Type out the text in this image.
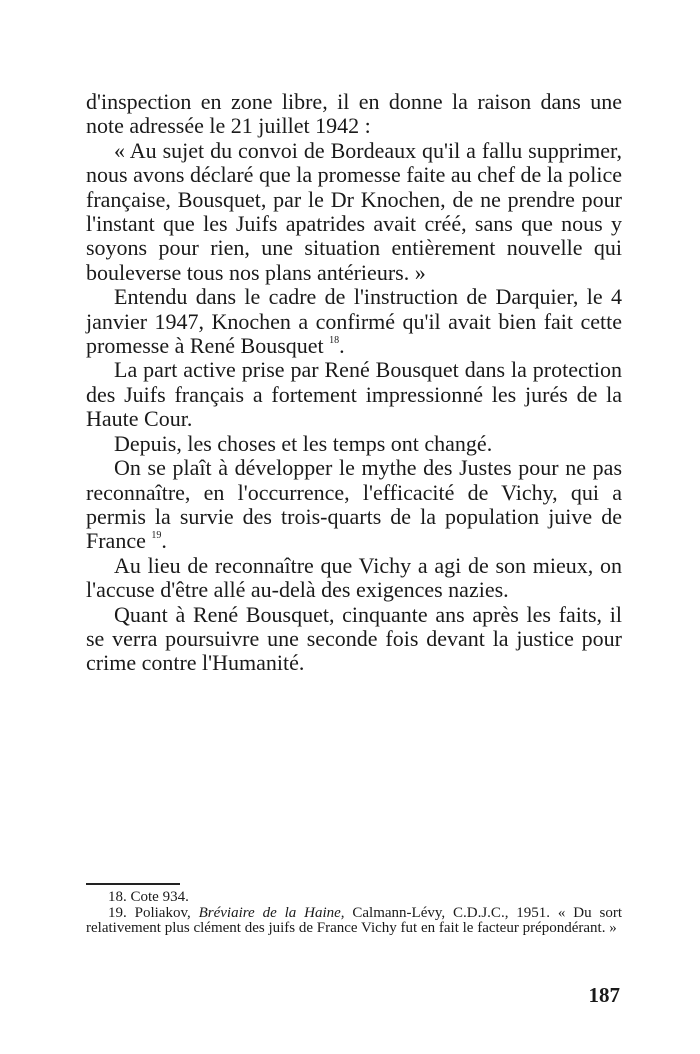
d'inspection en zone libre, il en donne la raison dans une note adressée le 21 juillet 1942 :

« Au sujet du convoi de Bordeaux qu'il a fallu supprimer, nous avons déclaré que la promesse faite au chef de la police française, Bousquet, par le Dr Knochen, de ne prendre pour l'instant que les Juifs apatrides avait créé, sans que nous y soyons pour rien, une situation entièrement nouvelle qui bouleverse tous nos plans antérieurs. »

Entendu dans le cadre de l'instruction de Darquier, le 4 janvier 1947, Knochen a confirmé qu'il avait bien fait cette promesse à René Bousquet $^{18}$.

La part active prise par René Bousquet dans la protection des Juifs français a fortement impressionné les jurés de la Haute Cour.

Depuis, les choses et les temps ont changé.

On se plaît à développer le mythe des Justes pour ne pas reconnaître, en l'occurrence, l'efficacité de Vichy, qui a permis la survie des trois-quarts de la population juive de France $^{19}$.

Au lieu de reconnaître que Vichy a agi de son mieux, on l'accuse d'être allé au-delà des exigences nazies.

Quant à René Bousquet, cinquante ans après les faits, il se verra poursuivre une seconde fois devant la justice pour crime contre l'Humanité.

18. Cote 934.

19. Poliakov, Bréviaire de la Haine, Calmann-Lévy, C.D.J.C., 1951. « Du sort relativement plus clément des juifs de France Vichy fut en fait le facteur prépondérant. »

187
